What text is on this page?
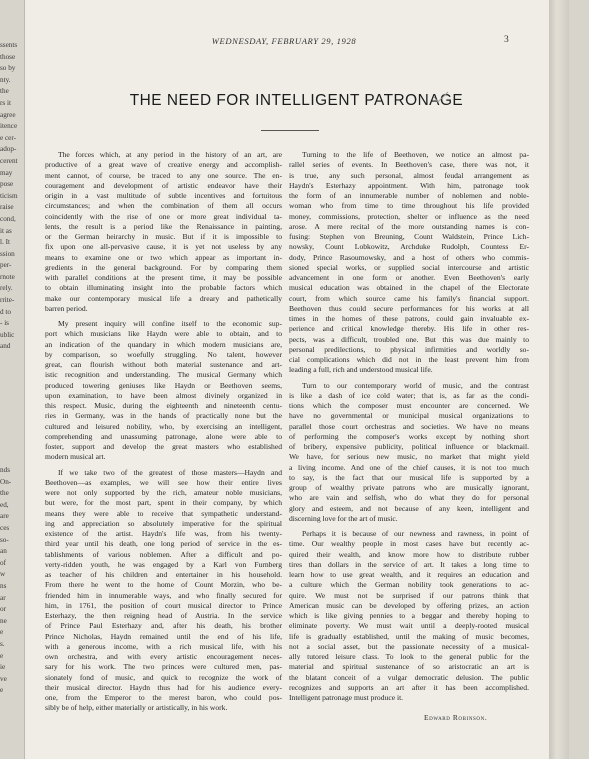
ssents
those
so by
nty.
the
rs it
agree
itence
e cer-
adop-
cerent
may
pose
ticism
raise
cond,
it as
l. It
ssion
per-
rnote
rely.
rrite-
d to
- is
ublic
and
nds
On-
the
ed,
are
ces
so-
an
of
w
ns
ar
or
ne
e
s.
e
ie
ve
e
WEDNESDAY, FEBRUARY 29, 1928	3
THE NEED FOR INTELLIGENT PATRONAGE
The forces which, at any period in the history of an art, are
productive of a great wave of creative energy and accomplish-
ment cannot, of course, be traced to any one source. The en-
couragement and development of artistic endeavor have their
origin in a vast multitude of subtle incentives and fortuitous
circumstances; and when the combination of them all occurs
coincidently with the rise of one or more great individual ta-
lents, the result is a period like the Renaissance in painting,
or the German heirarchy in music. But if it is impossible to
fix upon one all-pervasive cause, it is yet not useless by any
means to examine one or two which appear as important in-
gredients in the general background. For by comparing them
with parallel conditions at the present time, it may be possible
to obtain illuminating insight into the probable factors which
make our contemporary musical life a dreary and pathetically
barren period.
My present inquiry will confine itself to the economic sup-
port which musicians like Haydn were able to obtain, and to
an indication of the quandary in which modern musicians are,
by comparison, so woefully struggling. No talent, however
great, can flourish without both material sustenance and art-
istic recognition and understanding. The musical Germany which
produced towering geniuses like Haydn or Beethoven seems,
upon examination, to have been almost divinely organized in
this respect. Music, during the eighteenth and nineteenth centu-
ries in Germany, was in the hands of practically none but the
cultured and leisured nobility, who, by exercising an intelligent,
comprehending and unassuming patronage, alone were able to
foster, support and develop the great masters who established
modern musical art.
If we take two of the greatest of those masters—Haydn and
Beethoven—as examples, we will see how their entire lives
were not only supported by the rich, amateur noble musicians,
but were, for the most part, spent in their company, by which
means they were able to receive that sympathetic understand-
ing and appreciation so absolutely imperative for the spiritual
existence of the artist. Haydn's life was, from his twenty-
third year until his death, one long period of service in the es-
tablishments of various noblemen. After a difficult and po-
verty-ridden youth, he was engaged by a Karl von Furnberg
as teacher of his children and entertainer in his household.
From there he went to the home of Count Morzin, who be-
friended him in innumerable ways, and who finally secured for
him, in 1761, the position of court musical director to Prince
Esterhazy, the then reigning head of Austria. In the service
of Prince Paul Esterhazy and, after his death, his brother
Prince Nicholas, Haydn remained until the end of his life,
with a generous income, with a rich musical life, with his
own orchestra, and with every artistic encouragement neces-
sary for his work. The two princes were cultured men, pas-
sionately fond of music, and quick to recognize the work of
their musical director. Haydn thus had for his audience every-
one, from the Emperor to the merest baron, who could pos-
sibly be of help, either materially or artistically, in his work.
Turning to the life of Beethoven, we notice an almost pa-
rallel series of events. In Beethoven's case, there was not, it
is true, any such personal, almost feudal arrangement as
Haydn's Esterhazy appointment. With him, patronage took
the form of an innumerable number of noblemen and noble-
woman who from time to time throughout his life provided
money, commissions, protection, shelter or influence as the need
arose. A mere recital of the more outstanding names is con-
fusing: Stephen von Breuning, Count Waldstein, Prince Lich-
nowsky, Count Lobkowitz, Archduke Rudolph, Countess Er-
dody, Prince Rasoumowsky, and a host of others who commis-
sioned special works, or supplied social intercourse and artistic
advancement in one form or another. Even Beethoven's early
musical education was obtained in the chapel of the Electorate
court, from which source came his family's financial support.
Beethoven thus could secure performances for his works at all
times in the homes of these patrons, could gain invaluable ex-
perience and critical knowledge thereby. His life in other res-
pects, was a difficult, troubled one. But this was due mainly to
personal predilections, to physical infirmities and worldly so-
cial complications which did not in the least prevent him from
leading a full, rich and understood musical life.
Turn to our contemporary world of music, and the contrast
is like a dash of ice cold water; that is, as far as the condi-
tions which the composer must encounter are concerned. We
have no governmental or municipal musical organizations to
parallel those court orchestras and societies. We have no means
of performing the composer's works except by nothing short
of bribery, expensive publicity, political influence or blackmail.
We have, for serious new music, no market that might yield
a living income. And one of the chief causes, it is not too much
to say, is the fact that our musical life is supported by a
group of wealthy private patrons who are musically ignorant,
who are vain and selfish, who do what they do for personal
glory and esteem, and not because of any keen, intelligent and
discerning love for the art of music.
Perhaps it is because of our newness and rawness, in point of
time. Our wealthy people in most cases have but recently ac-
quired their wealth, and know more how to distribute rubber
tires than dollars in the service of art. It takes a long time to
learn how to use great wealth, and it requires an education and
a culture which the German nobility took generations to ac-
quire. We must not be surprised if our patrons think that
American music can be developed by offering prizes, an action
which is like giving pennies to a beggar and thereby hoping to
eliminate poverty. We must wait until a deeply-rooted musical
life is gradually established, until the making of music becomes,
not a social asset, but the passionate necessity of a musical-
ally tutored leisure class. To look to the general public for the
material and spiritual sustenance of so aristocratic an art is
the blatant conceit of a vulgar democratic delusion. The public
recognizes and supports an art after it has been accomplished.
Intelligent patronage must produce it.
Edward Robinson.
